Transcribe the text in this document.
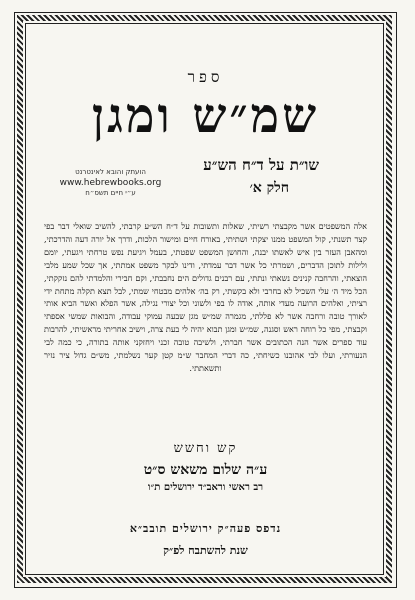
ספר
שמ״ש ומגן
שו״ת על ד״ח הש״ע
חלק א׳
הועתק והובא לאינטרנט
www.hebrewbooks.org
ע״י חיים תשס״ח
אלה המשפטים אשר מקבצתי רשיתי, שאלות ותשובות על ד״ח הש״ע קרבתי, להשיב שואלי דבר בפי קצר תשנתי, קול המשפט ממנו יצקתי ושתיתי, באורח חיים ומישור הלכות, ודרך אל יורה דעה והדרכתי, ומהאבן העזר בין איש לאשתו יבנה, והחושן המשפט שפטתי, בעמל ויגיעת נפש טרחתי ויגעתי, יומם ולילות לתוכן הדברים, ושמרתי כל אשר דבר עמדתי, ודינו לבקר משפט אמתתי, אך שכל שמע מלבי הוצאתי, והרחבה קנינים נשאתי ונתתי, עם רבנים גדולים הים נחבבתי, וקם חבירי והלמדתי להם נזקקתי, הכל מיד ה׳ עלי השכיל לא בחרבי ולא בקשתי, רק בה׳ אלהים מבטחי שמתי, לבל תצא תקלה מתחת ידי רציתי, ואלהים הרועה מעדי אותה, אודה לו בפי ולשוני וכל יצורי נגילה, אשר הפלא ואשר הביא אותי לאורך טובה ורחבה אשר לא פללתי, מגמרה שמ״ש מגן שבעה עמוקי עבודה, והבואות שמשי אספתי וקבצתי, מפי כל רוחה ראש וסגנה, שמ״ש ומגן תבוא יהיה לי בעת צרה, וישיב אחריתי מראשיתי, להרבות עוד ספרים אשר הנה הכתובים אשר חברתי, ולשיבה טובה זכני ויחזקני אותה בתורה, כי כמה לבי הנעורתי, ועלו לבי אהובנו כשיחתי, כה דברי המחבר ש״מ קטן קער נשלמתי, מש״ם גדול ציר נזיר ותשאתתי.
קש וחשש
ע״ה שלום משאש ס״ט
רב ראשי וראב״ד ירושלים ת״ו
נדפס פעה״ק ירושלים תובב״א
שנת להשתבח לפ״ק
